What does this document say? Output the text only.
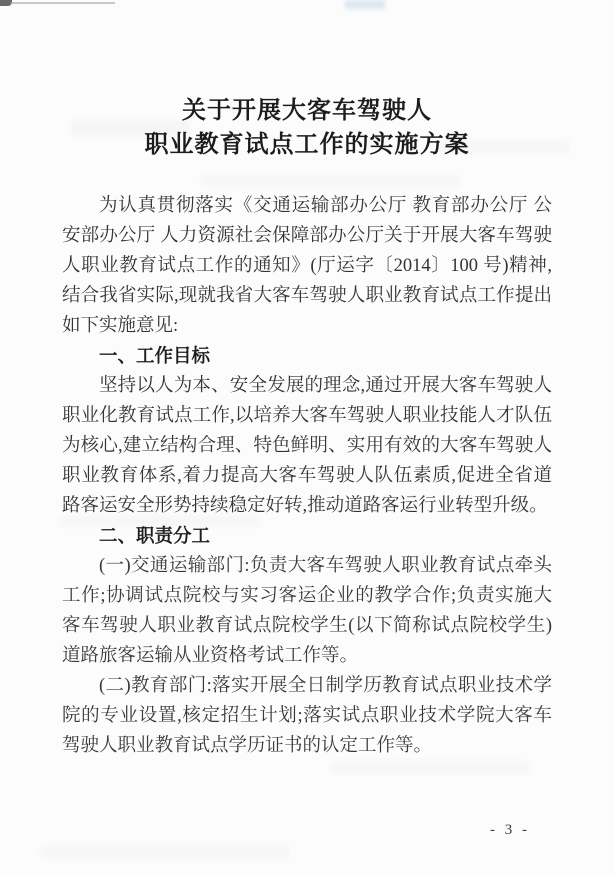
关于开展大客车驾驶人
职业教育试点工作的实施方案

为认真贯彻落实《交通运输部办公厅 教育部办公厅 公安部办公厅 人力资源社会保障部办公厅关于开展大客车驾驶人职业教育试点工作的通知》(厅运字〔2014〕100 号)精神,结合我省实际,现就我省大客车驾驶人职业教育试点工作提出如下实施意见:

一、工作目标

坚持以人为本、安全发展的理念,通过开展大客车驾驶人职业化教育试点工作,以培养大客车驾驶人职业技能人才队伍为核心,建立结构合理、特色鲜明、实用有效的大客车驾驶人职业教育体系,着力提高大客车驾驶人队伍素质,促进全省道路客运安全形势持续稳定好转,推动道路客运行业转型升级。

二、职责分工

(一)交通运输部门:负责大客车驾驶人职业教育试点牵头工作;协调试点院校与实习客运企业的教学合作;负责实施大客车驾驶人职业教育试点院校学生(以下简称试点院校学生)道路旅客运输从业资格考试工作等。

(二)教育部门:落实开展全日制学历教育试点职业技术学院的专业设置,核定招生计划;落实试点职业技术学院大客车驾驶人职业教育试点学历证书的认定工作等。

- 3 -
